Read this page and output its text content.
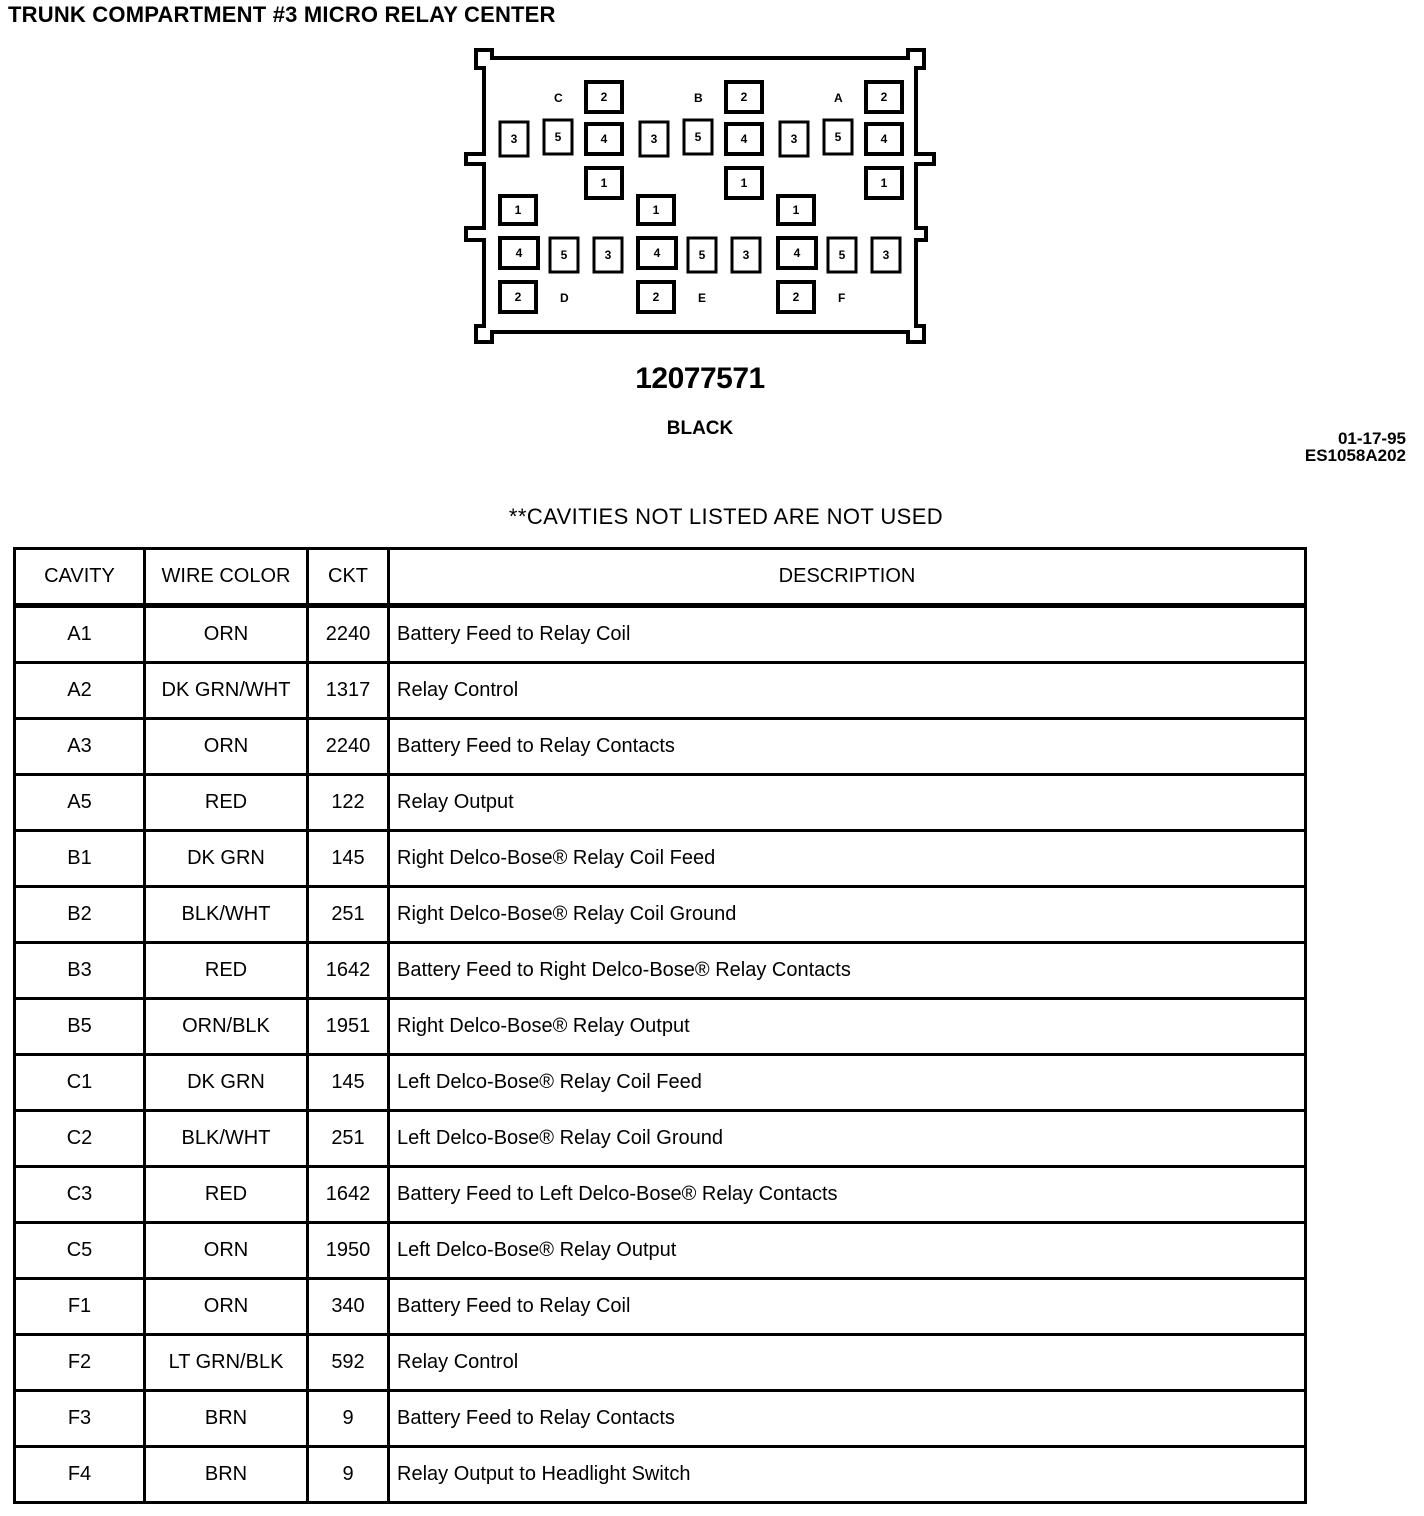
TRUNK COMPARTMENT #3 MICRO RELAY CENTER
2
3	5	4
1
C	2
3	5	4
1
B	2
3	5	4
1
A
1
4	5	3
2	D
1
4	5	3
2	E
1
4	5	3
2	F
12077571
BLACK	01-17-95
ES1058A202
**CAVITIES NOT LISTED ARE NOT USED
CAVITY	WIRE COLOR	CKT	DESCRIPTION
A1	ORN	2240	Battery Feed to Relay Coil
A2	DK GRN/WHT	1317	Relay Control
A3	ORN	2240	Battery Feed to Relay Contacts
A5	RED	122	Relay Output
B1	DK GRN	145	Right Delco-Bose® Relay Coil Feed
B2	BLK/WHT	251	Right Delco-Bose® Relay Coil Ground
B3	RED	1642	Battery Feed to Right Delco-Bose® Relay Contacts
B5	ORN/BLK	1951	Right Delco-Bose® Relay Output
C1	DK GRN	145	Left Delco-Bose® Relay Coil Feed
C2	BLK/WHT	251	Left Delco-Bose® Relay Coil Ground
C3	RED	1642	Battery Feed to Left Delco-Bose® Relay Contacts
C5	ORN	1950	Left Delco-Bose® Relay Output
F1	ORN	340	Battery Feed to Relay Coil
F2	LT GRN/BLK	592	Relay Control
F3	BRN	9	Battery Feed to Relay Contacts
F4	BRN	9	Relay Output to Headlight Switch
